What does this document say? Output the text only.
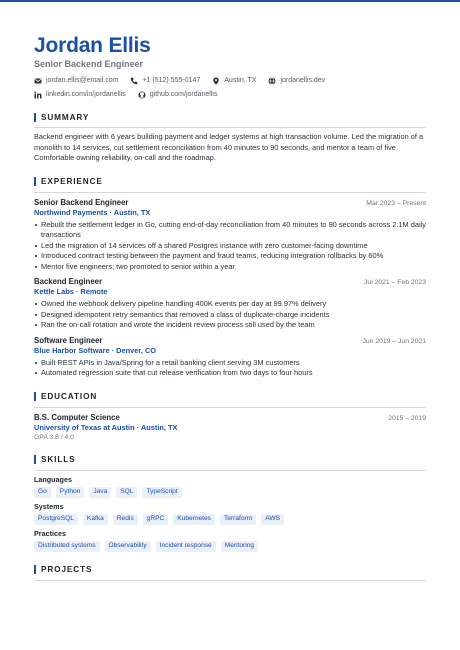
Jordan Ellis
Senior Backend Engineer
jordan.ellis@email.com	+1 (512) 555-0147	Austin, TX	jordanellis.dev
linkedin.com/in/jordanellis	github.com/jordanellis
SUMMARY
Backend engineer with 6 years building payment and ledger systems at high transaction volume. Led the migration of a monolith to 14 services, cut settlement reconciliation from 40 minutes to 90 seconds, and mentor a team of five. Comfortable owning reliability, on-call and the roadmap.
EXPERIENCE
Senior Backend Engineer	Mar 2023 – Present
Northwind Payments · Austin, TX
Rebuilt the settlement ledger in Go, cutting end-of-day reconciliation from 40 minutes to 90 seconds across 2.1M daily transactions
Led the migration of 14 services off a shared Postgres instance with zero customer-facing downtime
Introduced contract testing between the payment and fraud teams, reducing integration rollbacks by 60%
Mentor five engineers; two promoted to senior within a year
Backend Engineer	Jul 2021 – Feb 2023
Kettle Labs · Remote
Owned the webhook delivery pipeline handling 400K events per day at 99.97% delivery
Designed idempotent retry semantics that removed a class of duplicate-charge incidents
Ran the on-call rotation and wrote the incident review process still used by the team
Software Engineer	Jun 2019 – Jun 2021
Blue Harbor Software · Denver, CO
Built REST APIs in Java/Spring for a retail banking client serving 3M customers
Automated regression suite that cut release verification from two days to four hours
EDUCATION
B.S. Computer Science	2015 – 2019
University of Texas at Austin · Austin, TX
GPA 3.8 / 4.0
SKILLS
Languages
Go	Python	Java	SQL	TypeScript
Systems
PostgreSQL	Kafka	Redis	gRPC	Kubernetes	Terraform	AWS
Practices
Distributed systems	Observability	Incident response	Mentoring
PROJECTS
